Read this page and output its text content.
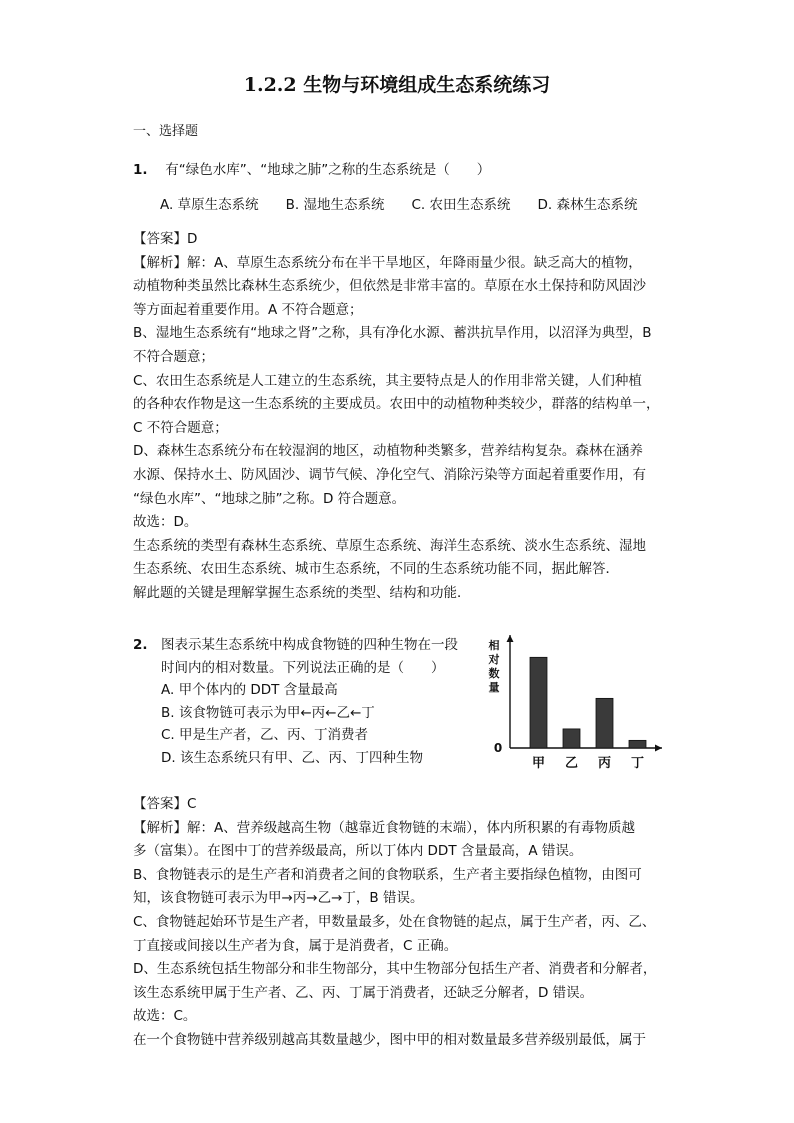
1.2.2 生物与环境组成生态系统练习
一、选择题
1. 有“绿色水库”、“地球之肺”之称的生态系统是（　　）
A. 草原生态系统　　 B. 湿地生态系统　　 C. 农田生态系统　　 D. 森林生态系统
【答案】D
【解析】解：A、草原生态系统分布在半干旱地区，年降雨量少很。缺乏高大的植物，
动植物种类虽然比森林生态系统少，但依然是非常丰富的。草原在水土保持和防风固沙
等方面起着重要作用。A 不符合题意；
B、湿地生态系统有“地球之肾”之称，具有净化水源、蓄洪抗旱作用，以沼泽为典型，B
不符合题意；
C、农田生态系统是人工建立的生态系统，其主要特点是人的作用非常关键，人们种植
的各种农作物是这一生态系统的主要成员。农田中的动植物种类较少，群落的结构单一，
C 不符合题意；
D、森林生态系统分布在较湿润的地区，动植物种类繁多，营养结构复杂。森林在涵养
水源、保持水土、防风固沙、调节气候、净化空气、消除污染等方面起着重要作用，有
“绿色水库”、“地球之肺”之称。D 符合题意。
故选：D。
生态系统的类型有森林生态系统、草原生态系统、海洋生态系统、淡水生态系统、湿地
生态系统、农田生态系统、城市生态系统，不同的生态系统功能不同，据此解答．
解此题的关键是理解掌握生态系统的类型、结构和功能．
2. 图表示某生态系统中构成食物链的四种生物在一段
时间内的相对数量。下列说法正确的是（　　）
A. 甲个体内的 DDT 含量最高
B. 该食物链可表示为甲←丙←乙←丁
C. 甲是生产者，乙、丙、丁消费者
D. 该生态系统只有甲、乙、丙、丁四种生物
相
对
数
量
0
甲 乙 丙 丁
【答案】C
【解析】解：A、营养级越高生物（越靠近食物链的末端），体内所积累的有毒物质越
多（富集）。在图中丁的营养级最高，所以丁体内 DDT 含量最高，A 错误。
B、食物链表示的是生产者和消费者之间的食物联系，生产者主要指绿色植物，由图可
知，该食物链可表示为甲→丙→乙→丁，B 错误。
C、食物链起始环节是生产者，甲数量最多，处在食物链的起点，属于生产者，丙、乙、
丁直接或间接以生产者为食，属于是消费者，C 正确。
D、生态系统包括生物部分和非生物部分，其中生物部分包括生产者、消费者和分解者，
该生态系统甲属于生产者、乙、丙、丁属于消费者，还缺乏分解者，D 错误。
故选：C。
在一个食物链中营养级别越高其数量越少，图中甲的相对数量最多营养级别最低，属于
